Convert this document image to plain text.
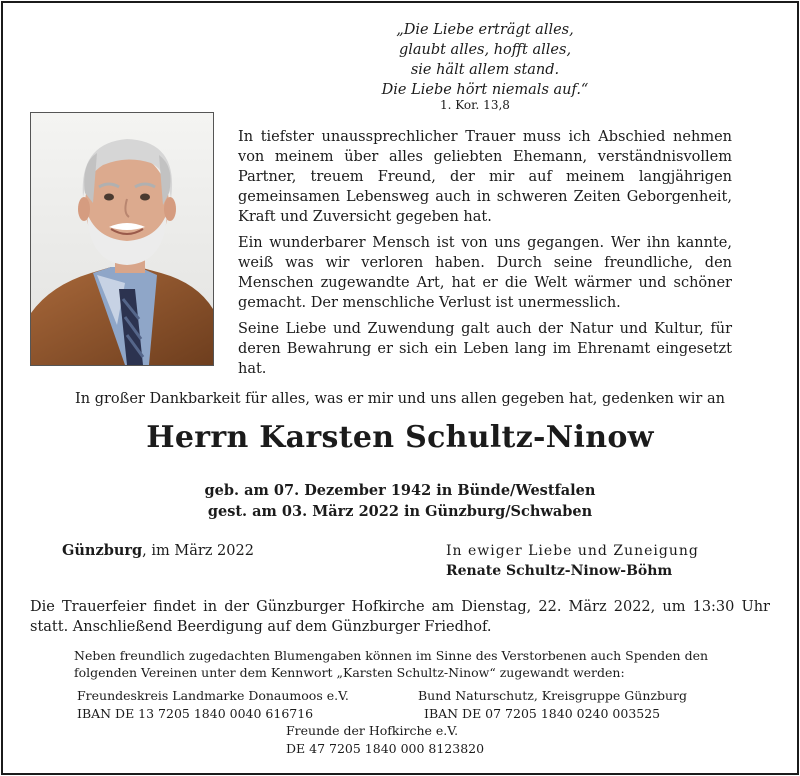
„Die Liebe erträgt alles,
glaubt alles, hofft alles,
sie hält allem stand.
Die Liebe hört niemals auf.“
1. Kor. 13,8
In tiefster unaussprechlicher Trauer muss ich Abschied nehmen von meinem über alles geliebten Ehemann, verständnisvollem Partner, treuem Freund, der mir auf meinem langjährigen gemeinsamen Lebensweg auch in schweren Zeiten Geborgenheit, Kraft und Zuversicht gegeben hat.
Ein wunderbarer Mensch ist von uns gegangen. Wer ihn kannte, weiß was wir verloren haben. Durch seine freundliche, den Menschen zugewandte Art, hat er die Welt wärmer und schöner gemacht. Der menschliche Verlust ist unermesslich.
Seine Liebe und Zuwendung galt auch der Natur und Kultur, für deren Bewahrung er sich ein Leben lang im Ehrenamt eingesetzt hat.
In großer Dankbarkeit für alles, was er mir und uns allen gegeben hat, gedenken wir an
Herrn Karsten Schultz-Ninow
geb. am 07. Dezember 1942 in Bünde/Westfalen
gest. am 03. März 2022 in Günzburg/Schwaben
Günzburg, im März 2022	In ewiger Liebe und Zuneigung
Renate Schultz-Ninow-Böhm
Die Trauerfeier findet in der Günzburger Hofkirche am Dienstag, 22. März 2022, um 13:30 Uhr statt. Anschließend Beerdigung auf dem Günzburger Friedhof.
Neben freundlich zugedachten Blumengaben können im Sinne des Verstorbenen auch Spenden den folgenden Vereinen unter dem Kennwort „Karsten Schultz-Ninow“ zugewandt werden:
Freundeskreis Landmarke Donaumoos e.V.
IBAN DE 13 7205 1840 0040 616716
Bund Naturschutz, Kreisgruppe Günzburg
IBAN DE 07 7205 1840 0240 003525
Freunde der Hofkirche e.V.
DE 47 7205 1840 000 8123820
